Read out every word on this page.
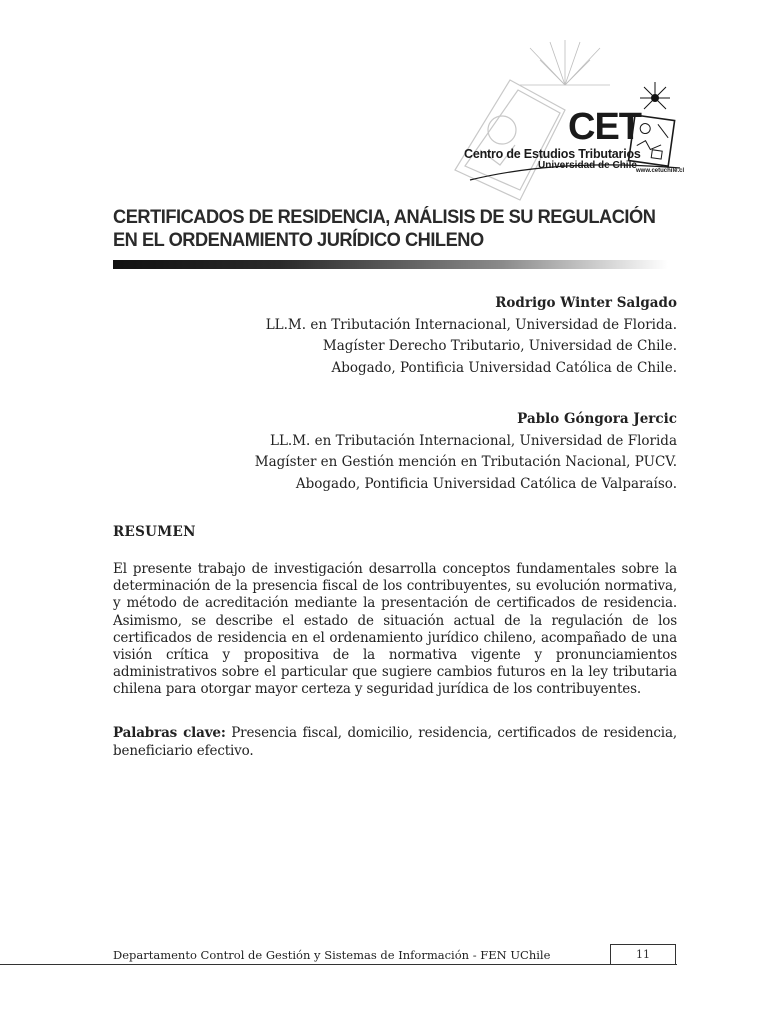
CET
Centro de Estudios Tributarios
Universidad de Chile www.cetuchile.cl
CERTIFICADOS DE RESIDENCIA, ANÁLISIS DE SU REGULACIÓN EN EL ORDENAMIENTO JURÍDICO CHILENO
Rodrigo Winter Salgado
LL.M. en Tributación Internacional, Universidad de Florida.
Magíster Derecho Tributario, Universidad de Chile.
Abogado, Pontificia Universidad Católica de Chile.
Pablo Góngora Jercic
LL.M. en Tributación Internacional, Universidad de Florida
Magíster en Gestión mención en Tributación Nacional, PUCV.
Abogado, Pontificia Universidad Católica de Valparaíso.
RESUMEN
El presente trabajo de investigación desarrolla conceptos fundamentales sobre la determinación de la presencia fiscal de los contribuyentes, su evolución normativa, y método de acreditación mediante la presentación de certificados de residencia. Asimismo, se describe el estado de situación actual de la regulación de los certificados de residencia en el ordenamiento jurídico chileno, acompañado de una visión crítica y propositiva de la normativa vigente y pronunciamientos administrativos sobre el particular que sugiere cambios futuros en la ley tributaria chilena para otorgar mayor certeza y seguridad jurídica de los contribuyentes.
Palabras clave: Presencia fiscal, domicilio, residencia, certificados de residencia, beneficiario efectivo.
Departamento Control de Gestión y Sistemas de Información - FEN UChile	11
